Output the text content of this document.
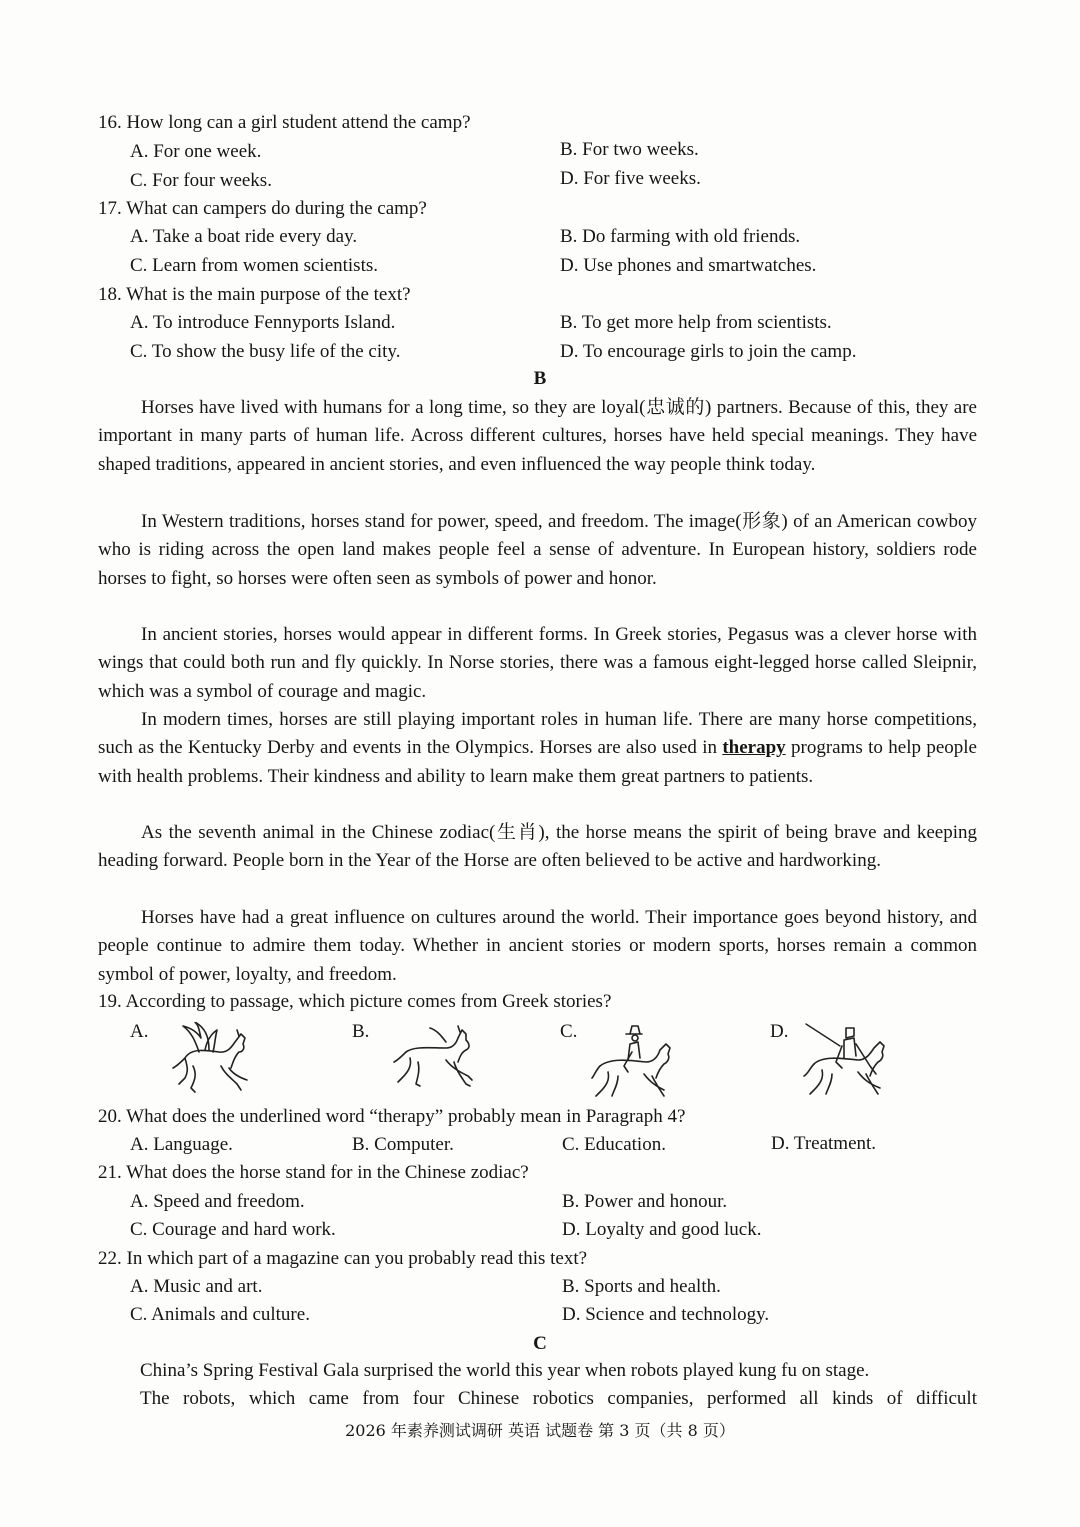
16. How long can a girl student attend the camp?
A. For one week.	B. For two weeks.
C. For four weeks.	D. For five weeks.
17. What can campers do during the camp?
A. Take a boat ride every day.	B. Do farming with old friends.
C. Learn from women scientists.	D. Use phones and smartwatches.
18. What is the main purpose of the text?
A. To introduce Fennyports Island.	B. To get more help from scientists.
C. To show the busy life of the city.	D. To encourage girls to join the camp.
B
Horses have lived with humans for a long time, so they are loyal(忠诚的) partners. Because of this, they are important in many parts of human life. Across different cultures, horses have held special meanings. They have shaped traditions, appeared in ancient stories, and even influenced the way people think today.
In Western traditions, horses stand for power, speed, and freedom. The image(形象) of an American cowboy who is riding across the open land makes people feel a sense of adventure. In European history, soldiers rode horses to fight, so horses were often seen as symbols of power and honor.
In ancient stories, horses would appear in different forms. In Greek stories, Pegasus was a clever horse with wings that could both run and fly quickly. In Norse stories, there was a famous eight-legged horse called Sleipnir, which was a symbol of courage and magic.
In modern times, horses are still playing important roles in human life. There are many horse competitions, such as the Kentucky Derby and events in the Olympics. Horses are also used in therapy programs to help people with health problems. Their kindness and ability to learn make them great partners to patients.
As the seventh animal in the Chinese zodiac(生肖), the horse means the spirit of being brave and keeping heading forward. People born in the Year of the Horse are often believed to be active and hardworking.
Horses have had a great influence on cultures around the world. Their importance goes beyond history, and people continue to admire them today. Whether in ancient stories or modern sports, horses remain a common symbol of power, loyalty, and freedom.
19. According to passage, which picture comes from Greek stories?
A.	B.	C.	D.
20. What does the underlined word “therapy” probably mean in Paragraph 4?
A. Language.	B. Computer.	C. Education.	D. Treatment.
21. What does the horse stand for in the Chinese zodiac?
A. Speed and freedom.	B. Power and honour.
C. Courage and hard work.	D. Loyalty and good luck.
22. In which part of a magazine can you probably read this text?
A. Music and art.	B. Sports and health.
C. Animals and culture.	D. Science and technology.
C
China’s Spring Festival Gala surprised the world this year when robots played kung fu on stage.
The robots, which came from four Chinese robotics companies, performed all kinds of difficult
2026 年素养测试调研 英语 试题卷 第 3 页（共 8 页）
